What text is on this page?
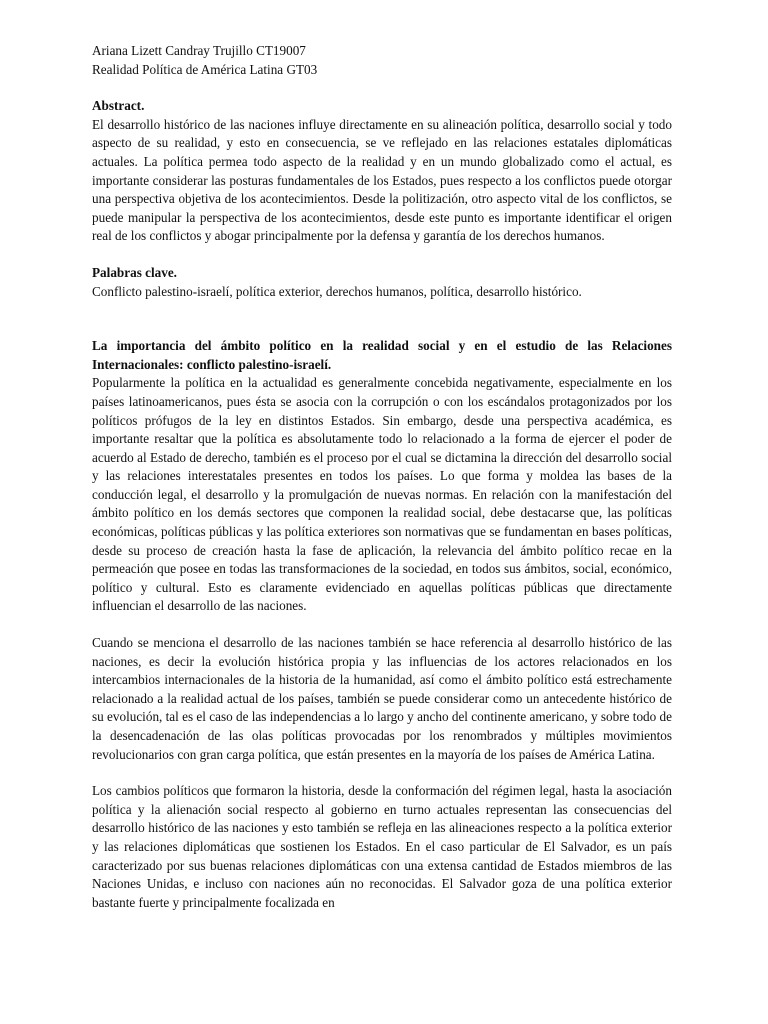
Ariana Lizett Candray Trujillo CT19007

Realidad Política de América Latina GT03

Abstract.

El desarrollo histórico de las naciones influye directamente en su alineación política, desarrollo social y todo aspecto de su realidad, y esto en consecuencia, se ve reflejado en las relaciones estatales diplomáticas actuales. La política permea todo aspecto de la realidad y en un mundo globalizado como el actual, es importante considerar las posturas fundamentales de los Estados, pues respecto a los conflictos puede otorgar una perspectiva objetiva de los acontecimientos. Desde la politización, otro aspecto vital de los conflictos, se puede manipular la perspectiva de los acontecimientos, desde este punto es importante identificar el origen real de los conflictos y abogar principalmente por la defensa y garantía de los derechos humanos.

Palabras clave.

Conflicto palestino-israelí, política exterior, derechos humanos, política, desarrollo histórico.

La importancia del ámbito político en la realidad social y en el estudio de las Relaciones Internacionales: conflicto palestino-israelí.

Popularmente la política en la actualidad es generalmente concebida negativamente, especialmente en los países latinoamericanos, pues ésta se asocia con la corrupción o con los escándalos protagonizados por los políticos prófugos de la ley en distintos Estados. Sin embargo, desde una perspectiva académica, es importante resaltar que la política es absolutamente todo lo relacionado a la forma de ejercer el poder de acuerdo al Estado de derecho, también es el proceso por el cual se dictamina la dirección del desarrollo social y las relaciones interestatales presentes en todos los países. Lo que forma y moldea las bases de la conducción legal, el desarrollo y la promulgación de nuevas normas. En relación con la manifestación del ámbito político en los demás sectores que componen la realidad social, debe destacarse que, las políticas económicas, políticas públicas y las política exteriores son normativas que se fundamentan en bases políticas, desde su proceso de creación hasta la fase de aplicación, la relevancia del ámbito político recae en la permeación que posee en todas las transformaciones de la sociedad, en todos sus ámbitos, social, económico, político y cultural. Esto es claramente evidenciado en aquellas políticas públicas que directamente influencian el desarrollo de las naciones.

Cuando se menciona el desarrollo de las naciones también se hace referencia al desarrollo histórico de las naciones, es decir la evolución histórica propia y las influencias de los actores relacionados en los intercambios internacionales de la historia de la humanidad, así como el ámbito político está estrechamente relacionado a la realidad actual de los países, también se puede considerar como un antecedente histórico de su evolución, tal es el caso de las independencias a lo largo y ancho del continente americano, y sobre todo de la desencadenación de las olas políticas provocadas por los renombrados y múltiples movimientos revolucionarios con gran carga política, que están presentes en la mayoría de los países de América Latina.

Los cambios políticos que formaron la historia, desde la conformación del régimen legal, hasta la asociación política y la alienación social respecto al gobierno en turno actuales representan las consecuencias del desarrollo histórico de las naciones y esto también se refleja en las alineaciones respecto a la política exterior y las relaciones diplomáticas que sostienen los Estados. En el caso particular de El Salvador, es un país caracterizado por sus buenas relaciones diplomáticas con una extensa cantidad de Estados miembros de las Naciones Unidas, e incluso con naciones aún no reconocidas. El Salvador goza de una política exterior bastante fuerte y principalmente focalizada en
